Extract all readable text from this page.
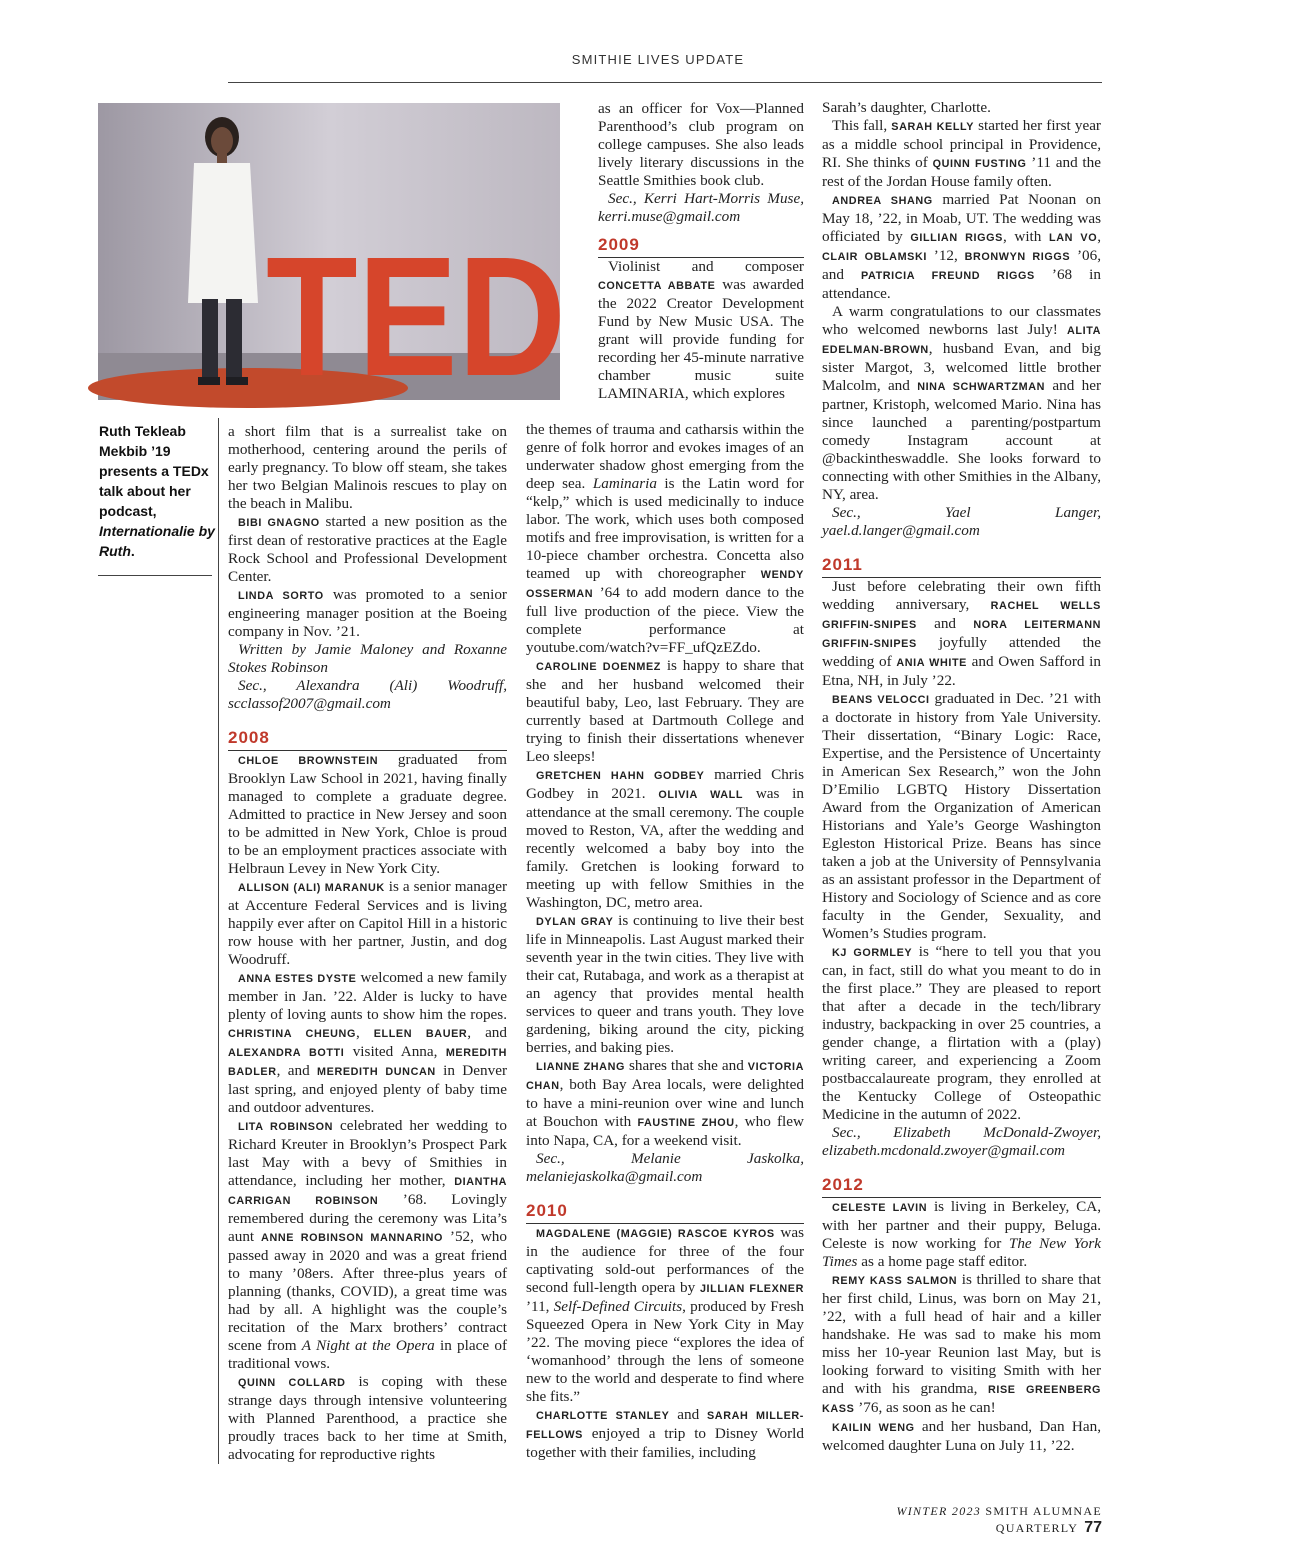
SMITHIE LIVES UPDATE
TED
Ruth Tekleab Mekbib ’19 presents a TEDx talk about her podcast, Internationalie by Ruth.

a short film that is a surrealist take on motherhood, centering around the perils of early pregnancy. To blow off steam, she takes her two Belgian Malinois rescues to play on the beach in Malibu.

BIBI GNAGNO started a new position as the first dean of restorative practices at the Eagle Rock School and Professional Development Center.

LINDA SORTO was promoted to a senior engineering manager position at the Boeing company in Nov. ’21.

Written by Jamie Maloney and Roxanne Stokes Robinson

Sec., Alexandra (Ali) Woodruff, scclassof2007@gmail.com

2008

CHLOE BROWNSTEIN graduated from Brooklyn Law School in 2021, having finally managed to complete a graduate degree. Admitted to practice in New Jersey and soon to be admitted in New York, Chloe is proud to be an employment practices associate with Helbraun Levey in New York City.

ALLISON (ALI) MARANUK is a senior manager at Accenture Federal Services and is living happily ever after on Capitol Hill in a historic row house with her partner, Justin, and dog Woodruff.

ANNA ESTES DYSTE welcomed a new family member in Jan. ’22. Alder is lucky to have plenty of loving aunts to show him the ropes. CHRISTINA CHEUNG, ELLEN BAUER, and ALEXANDRA BOTTI visited Anna, MEREDITH BADLER, and MEREDITH DUNCAN in Denver last spring, and enjoyed plenty of baby time and outdoor adventures.

LITA ROBINSON celebrated her wedding to Richard Kreuter in Brooklyn’s Prospect Park last May with a bevy of Smithies in attendance, including her mother, DIANTHA CARRIGAN ROBINSON ’68. Lovingly remembered during the ceremony was Lita’s aunt ANNE ROBINSON MANNARINO ’52, who passed away in 2020 and was a great friend to many ’08ers. After three-plus years of planning (thanks, COVID), a great time was had by all. A highlight was the couple’s recitation of the Marx brothers’ contract scene from A Night at the Opera in place of traditional vows.

QUINN COLLARD is coping with these strange days through intensive volunteering with Planned Parenthood, a practice she proudly traces back to her time at Smith, advocating for reproductive rights

as an officer for Vox—Planned Parenthood’s club program on college campuses. She also leads lively literary discussions in the Seattle Smithies book club.

Sec., Kerri Hart-Morris Muse, kerri.muse@gmail.com

2009

Violinist and composer CONCETTA ABBATE was awarded the 2022 Creator Development Fund by New Music USA. The grant will provide funding for recording her 45-minute narrative chamber music suite LAMINARIA, which explores

the themes of trauma and catharsis within the genre of folk horror and evokes images of an underwater shadow ghost emerging from the deep sea. Laminaria is the Latin word for “kelp,” which is used medicinally to induce labor. The work, which uses both composed motifs and free improvisation, is written for a 10-piece chamber orchestra. Concetta also teamed up with choreographer WENDY OSSERMAN ’64 to add modern dance to the full live production of the piece. View the complete performance at youtube.com/watch?v=FF_ufQzEZdo.

CAROLINE DOENMEZ is happy to share that she and her husband welcomed their beautiful baby, Leo, last February. They are currently based at Dartmouth College and trying to finish their dissertations whenever Leo sleeps!

GRETCHEN HAHN GODBEY married Chris Godbey in 2021. OLIVIA WALL was in attendance at the small ceremony. The couple moved to Reston, VA, after the wedding and recently welcomed a baby boy into the family. Gretchen is looking forward to meeting up with fellow Smithies in the Washington, DC, metro area.

DYLAN GRAY is continuing to live their best life in Minneapolis. Last August marked their seventh year in the twin cities. They live with their cat, Rutabaga, and work as a therapist at an agency that provides mental health services to queer and trans youth. They love gardening, biking around the city, picking berries, and baking pies.

LIANNE ZHANG shares that she and VICTORIA CHAN, both Bay Area locals, were delighted to have a mini-reunion over wine and lunch at Bouchon with FAUSTINE ZHOU, who flew into Napa, CA, for a weekend visit.

Sec., Melanie Jaskolka, melaniejaskolka@gmail.com

2010

MAGDALENE (MAGGIE) RASCOE KYROS was in the audience for three of the four captivating sold-out performances of the second full-length opera by JILLIAN FLEXNER ’11, Self-Defined Circuits, produced by Fresh Squeezed Opera in New York City in May ’22. The moving piece “explores the idea of ‘womanhood’ through the lens of someone new to the world and desperate to find where she fits.”

CHARLOTTE STANLEY and SARAH MILLER-FELLOWS enjoyed a trip to Disney World together with their families, including

Sarah’s daughter, Charlotte.

This fall, SARAH KELLY started her first year as a middle school principal in Providence, RI. She thinks of QUINN FUSTING ’11 and the rest of the Jordan House family often.

ANDREA SHANG married Pat Noonan on May 18, ’22, in Moab, UT. The wedding was officiated by GILLIAN RIGGS, with LAN VO, CLAIR OBLAMSKI ’12, BRONWYN RIGGS ’06, and PATRICIA FREUND RIGGS ’68 in attendance.

A warm congratulations to our classmates who welcomed newborns last July! ALITA EDELMAN-BROWN, husband Evan, and big sister Margot, 3, welcomed little brother Malcolm, and NINA SCHWARTZMAN and her partner, Kristoph, welcomed Mario. Nina has since launched a parenting/postpartum comedy Instagram account at @backintheswaddle. She looks forward to connecting with other Smithies in the Albany, NY, area.

Sec., Yael Langer, yael.d.langer@gmail.com

2011

Just before celebrating their own fifth wedding anniversary, RACHEL WELLS GRIFFIN-SNIPES and NORA LEITERMANN GRIFFIN-SNIPES joyfully attended the wedding of ANIA WHITE and Owen Safford in Etna, NH, in July ’22.

BEANS VELOCCI graduated in Dec. ’21 with a doctorate in history from Yale University. Their dissertation, “Binary Logic: Race, Expertise, and the Persistence of Uncertainty in American Sex Research,” won the John D’Emilio LGBTQ History Dissertation Award from the Organization of American Historians and Yale’s George Washington Egleston Historical Prize. Beans has since taken a job at the University of Pennsylvania as an assistant professor in the Department of History and Sociology of Science and as core faculty in the Gender, Sexuality, and Women’s Studies program.

KJ GORMLEY is “here to tell you that you can, in fact, still do what you meant to do in the first place.” They are pleased to report that after a decade in the tech/library industry, backpacking in over 25 countries, a gender change, a flirtation with a (play) writing career, and experiencing a Zoom postbaccalaureate program, they enrolled at the Kentucky College of Osteopathic Medicine in the autumn of 2022.

Sec., Elizabeth McDonald-Zwoyer, elizabeth.mcdonald.zwoyer@gmail.com

2012

CELESTE LAVIN is living in Berkeley, CA, with her partner and their puppy, Beluga. Celeste is now working for The New York Times as a home page staff editor.

REMY KASS SALMON is thrilled to share that her first child, Linus, was born on May 21, ’22, with a full head of hair and a killer handshake. He was sad to make his mom miss her 10-year Reunion last May, but is looking forward to visiting Smith with her and with his grandma, RISE GREENBERG KASS ’76, as soon as he can!

KAILIN WENG and her husband, Dan Han, welcomed daughter Luna on July 11, ’22.

WINTER 2023 SMITH ALUMNAE QUARTERLY 77
